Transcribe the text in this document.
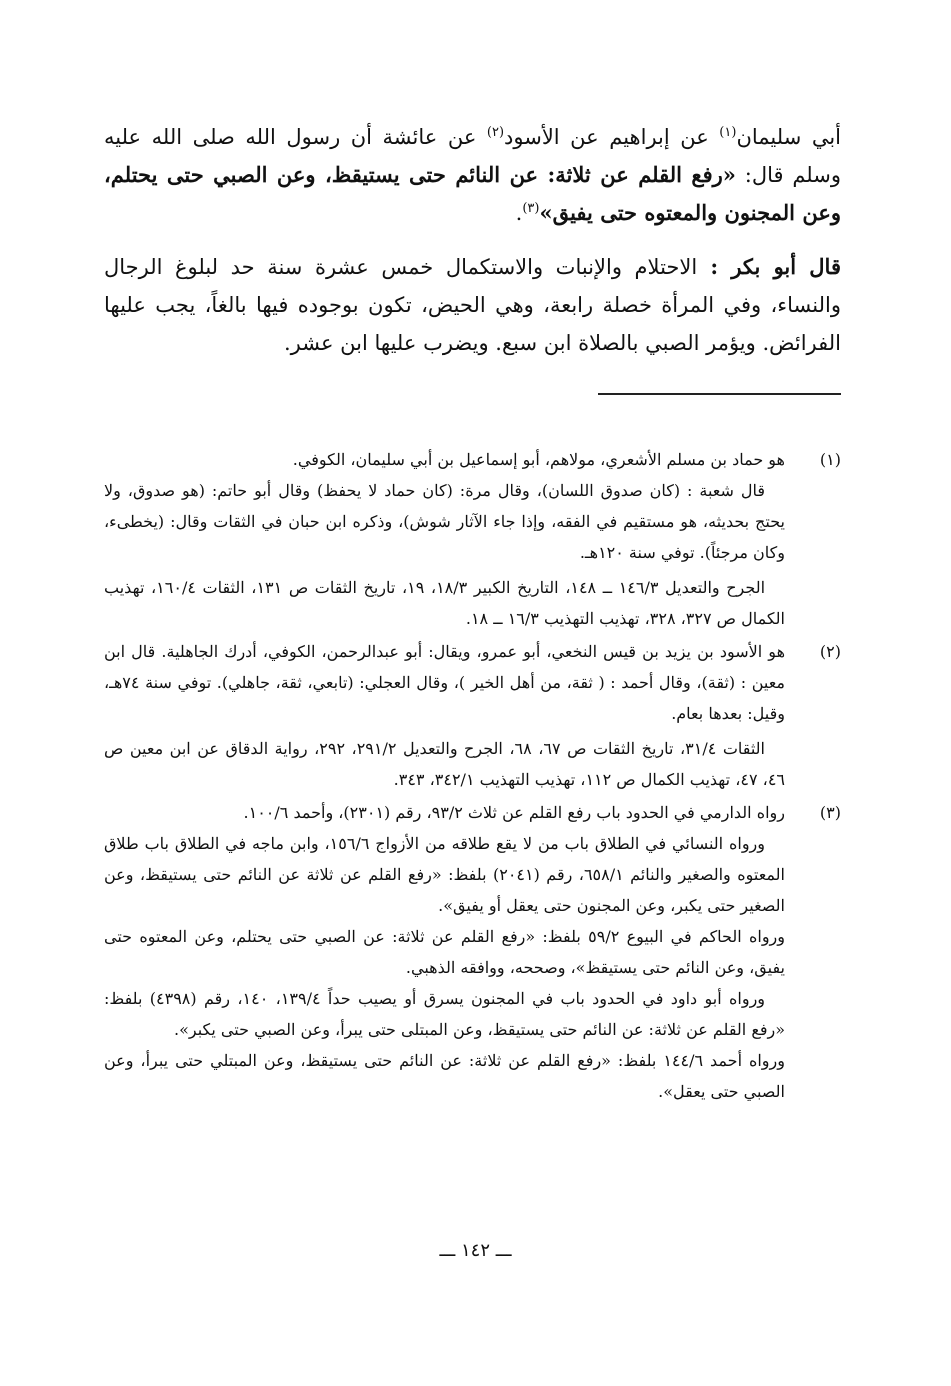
أبي سليمان$^{(١)}$ عن إبراهيم عن الأسود$^{(٢)}$ عن عائشة أن رسول الله صلى الله عليه وسلم قال: «رفع القلم عن ثلاثة: عن النائم حتى يستيقظ، وعن الصبي حتى يحتلم، وعن المجنون والمعتوه حتى يفيق»$^{(٣)}$.

قال أبو بكر : الاحتلام والإنبات والاستكمال خمس عشرة سنة حد لبلوغ الرجال والنساء، وفي المرأة خصلة رابعة، وهي الحيض، تكون بوجوده فيها بالغاً، يجب عليها الفرائض. ويؤمر الصبي بالصلاة ابن سبع. ويضرب عليها ابن عشر.

(١)

هو حماد بن مسلم الأشعري، مولاهم، أبو إسماعيل بن أبي سليمان، الكوفي.

قال شعبة : (كان صدوق اللسان)، وقال مرة: (كان حماد لا يحفظ) وقال أبو حاتم: (هو صدوق، ولا يحتج بحديثه، هو مستقيم في الفقه، وإذا جاء الآثار شوش)، وذكره ابن حبان في الثقات وقال: (يخطىء، وكان مرجئاً). توفي سنة ١٢٠هـ.

الجرح والتعديل ١٤٦/٣ ــ ١٤٨، التاريخ الكبير ١٨/٣، ١٩، تاريخ الثقات ص ١٣١، الثقات ١٦٠/٤، تهذيب الكمال ص ٣٢٧، ٣٢٨، تهذيب التهذيب ١٦/٣ ــ ١٨.

(٢)

هو الأسود بن يزيد بن قيس النخعي، أبو عمرو، ويقال: أبو عبدالرحمن، الكوفي، أدرك الجاهلية. قال ابن معين : (ثقة)، وقال أحمد : ( ثقة، من أهل الخير )، وقال العجلي: (تابعي، ثقة، جاهلي). توفي سنة ٧٤هـ، وقيل: بعدها بعام.

الثقات ٣١/٤، تاريخ الثقات ص ٦٧، ٦٨، الجرح والتعديل ٢٩١/٢، ٢٩٢، رواية الدقاق عن ابن معين ص ٤٦، ٤٧، تهذيب الكمال ص ١١٢، تهذيب التهذيب ٣٤٢/١، ٣٤٣.

(٣)

رواه الدارمي في الحدود باب رفع القلم عن ثلاث ٩٣/٢، رقم (٢٣٠١)، وأحمد ١٠٠/٦.

ورواه النسائي في الطلاق باب من لا يقع طلاقه من الأزواج ١٥٦/٦، وابن ماجه في الطلاق باب طلاق المعتوه والصغير والنائم ٦٥٨/١، رقم (٢٠٤١) بلفظ: «رفع القلم عن ثلاثة عن النائم حتى يستيقظ، وعن الصغير حتى يكبر، وعن المجنون حتى يعقل أو يفيق».

ورواه الحاكم في البيوع ٥٩/٢ بلفظ: «رفع القلم عن ثلاثة: عن الصبي حتى يحتلم، وعن المعتوه حتى يفيق، وعن النائم حتى يستيقظ»، وصححه، ووافقه الذهبي.

ورواه أبو داود في الحدود باب في المجنون يسرق أو يصيب حداً ١٣٩/٤، ١٤٠، رقم (٤٣٩٨) بلفظ: «رفع القلم عن ثلاثة: عن النائم حتى يستيقظ، وعن المبتلى حتى يبرأ، وعن الصبي حتى يكبر».

ورواه أحمد ١٤٤/٦ بلفظ: «رفع القلم عن ثلاثة: عن النائم حتى يستيقظ، وعن المبتلي حتى يبرأ، وعن الصبي حتى يعقل».

ـــ ١٤٢ ـــ
